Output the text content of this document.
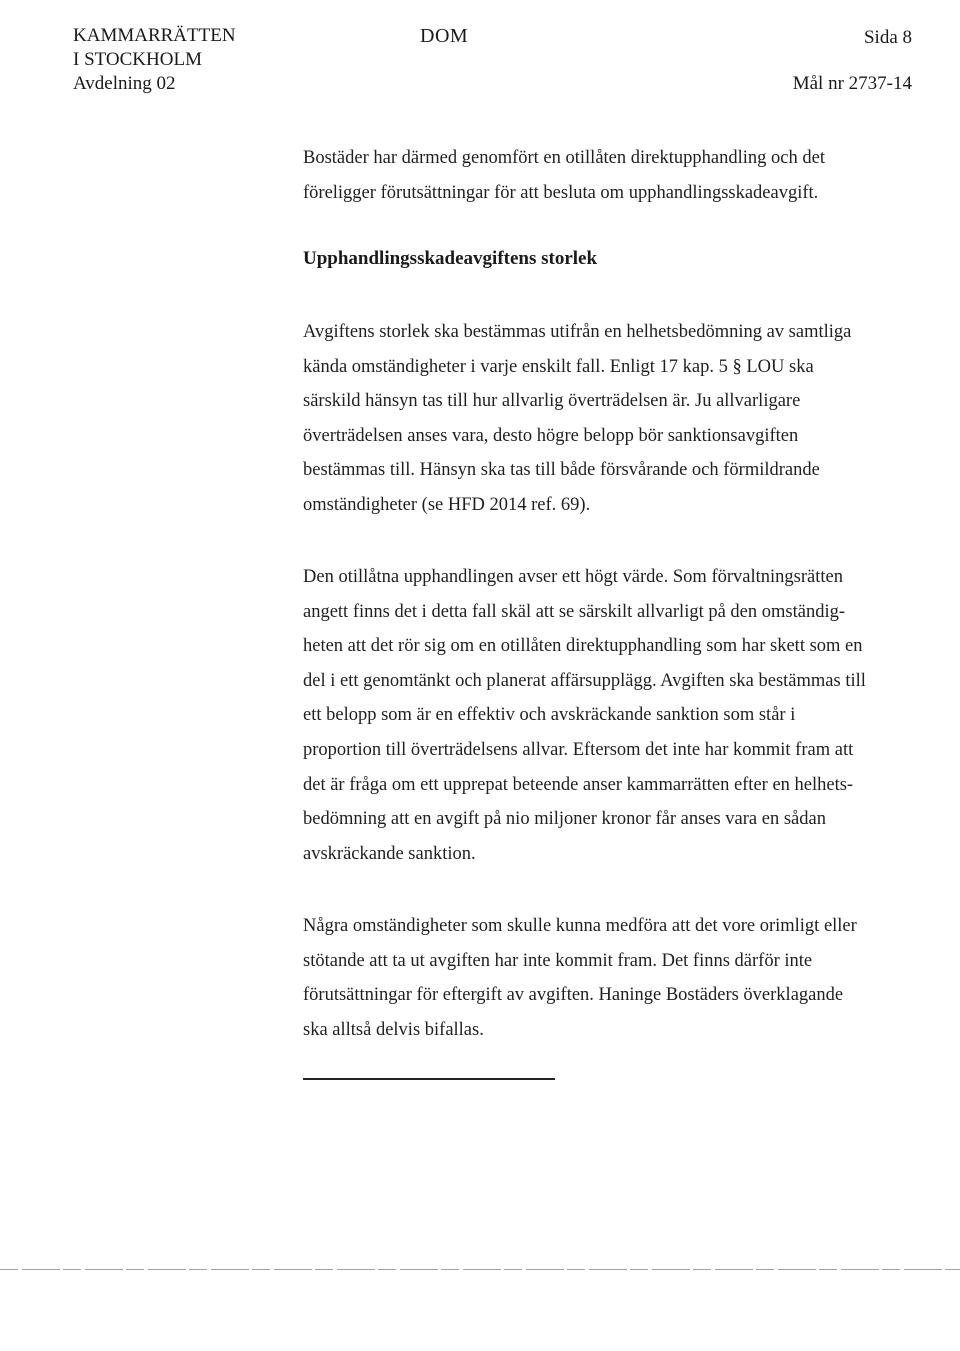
KAMMARRÄTTEN
I STOCKHOLM
Avdelning 02
DOM	Sida 8
Mål nr 2737-14
Bostäder har därmed genomfört en otillåten direktupphandling och det
föreligger förutsättningar för att besluta om upphandlingsskadeavgift.
Upphandlingsskadeavgiftens storlek
Avgiftens storlek ska bestämmas utifrån en helhetsbedömning av samtliga
kända omständigheter i varje enskilt fall. Enligt 17 kap. 5 § LOU ska
särskild hänsyn tas till hur allvarlig överträdelsen är. Ju allvarligare
överträdelsen anses vara, desto högre belopp bör sanktionsavgiften
bestämmas till. Hänsyn ska tas till både försvårande och förmildrande
omständigheter (se HFD 2014 ref. 69).
Den otillåtna upphandlingen avser ett högt värde. Som förvaltningsrätten
angett finns det i detta fall skäl att se särskilt allvarligt på den omständig-
heten att det rör sig om en otillåten direktupphandling som har skett som en
del i ett genomtänkt och planerat affärsupplägg. Avgiften ska bestämmas till
ett belopp som är en effektiv och avskräckande sanktion som står i
proportion till överträdelsens allvar. Eftersom det inte har kommit fram att
det är fråga om ett upprepat beteende anser kammarrätten efter en helhets-
bedömning att en avgift på nio miljoner kronor får anses vara en sådan
avskräckande sanktion.
Några omständigheter som skulle kunna medföra att det vore orimligt eller
stötande att ta ut avgiften har inte kommit fram. Det finns därför inte
förutsättningar för eftergift av avgiften. Haninge Bostäders överklagande
ska alltså delvis bifallas.
